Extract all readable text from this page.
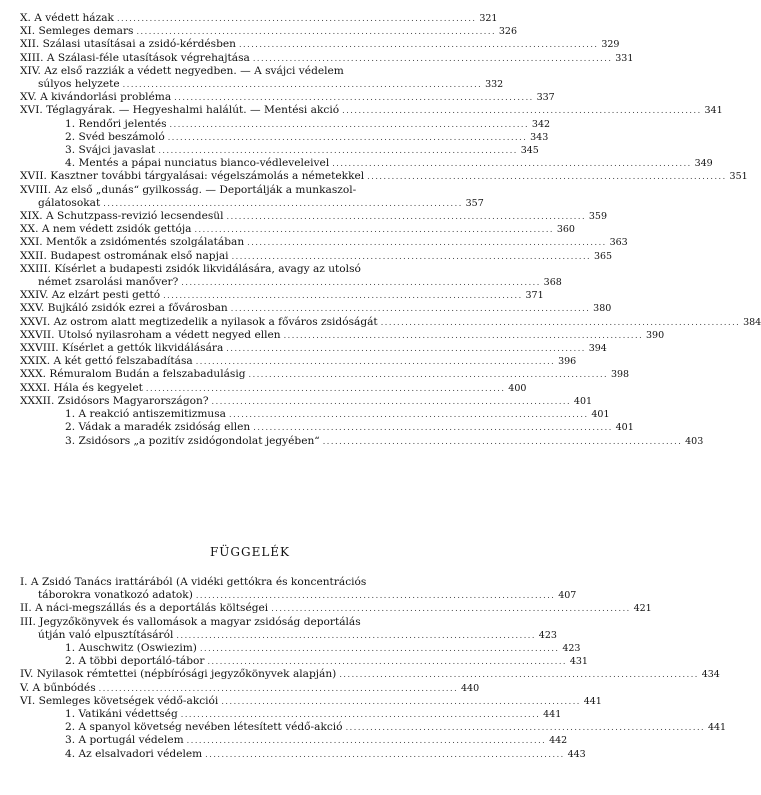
X. A védett házak . . .	321
XI. Semleges demars . . .	326
XII. Szálasi utasításai a zsidó-kérdésben . . .	329
XIII. A Szálasi-féle utasítások végrehajtása . . .	331
XIV. Az első razziák a védett negyedben. — A svájci védelem
súlyos helyzete . . .	332
XV. A kivándorlási probléma . . .	337
XVI. Téglagyárak. — Hegyeshalmi halálút. — Mentési akció . . .	341
1. Rendőri jelentés . . .	342
2. Svéd beszámoló . . .	343
3. Svájci javaslat . . .	345
4. Mentés a pápai nunciatus bianco-védleveleivel . . .	349
XVII. Kasztner további tárgyalásai: végelszámolás a németekkel . . .	351
XVIII. Az első „dunás“ gyilkosság. — Deportálják a munkaszol-
gálatosokat . . .	357
XIX. A Schutzpass-revizió lecsendesül . . .	359
XX. A nem védett zsidók gettója . . .	360
XXI. Mentők a zsidómentés szolgálatában . . .	363
XXII. Budapest ostromának első napjai . . .	365
XXIII. Kísérlet a budapesti zsidók likvidálására, avagy az utolsó
német zsarolási manőver? . . .	368
XXIV. Az elzárt pesti gettó . . .	371
XXV. Bujkáló zsidók ezrei a fővárosban . . .	380
XXVI. Az ostrom alatt megtizedelik a nyilasok a főváros zsidóságát . . .	384
XXVII. Utolsó nyilasroham a védett negyed ellen . . .	390
XXVIII. Kísérlet a gettók likvidálására . . .	394
XXIX. A két gettó felszabadítása . . .	396
XXX. Rémuralom Budán a felszabadulásig . . .	398
XXXI. Hála és kegyelet . . .	400
XXXII. Zsidósors Magyarországon? . . .	401
1. A reakció antiszemitizmusa . . .	401
2. Vádak a maradék zsidóság ellen . . .	401
3. Zsidósors „a pozitív zsidógondolat jegyében“ . . .	403
FÜGGELÉK
I. A Zsidó Tanács irattárából (A vidéki gettókra és koncentrációs
táborokra vonatkozó adatok) . . .	407
II. A náci-megszállás és a deportálás költségei . . .	421
III. Jegyzőkönyvek és vallomások a magyar zsidóság deportálás
útján való elpusztításáról . . .	423
1. Auschwitz (Oswiezim) . . .	423
2. A többi deportáló-tábor . . .	431
IV. Nyilasok rémtettei (népbírósági jegyzőkönyvek alapján) . . .	434
V. A bűnbódés . . .	440
VI. Semleges követségek védő-akciói . . .	441
1. Vatikáni védettség . . .	441
2. A spanyol követség nevében létesített védő-akció . . .	441
3. A portugál védelem . . .	442
4. Az elsalvadori védelem . . .	443
